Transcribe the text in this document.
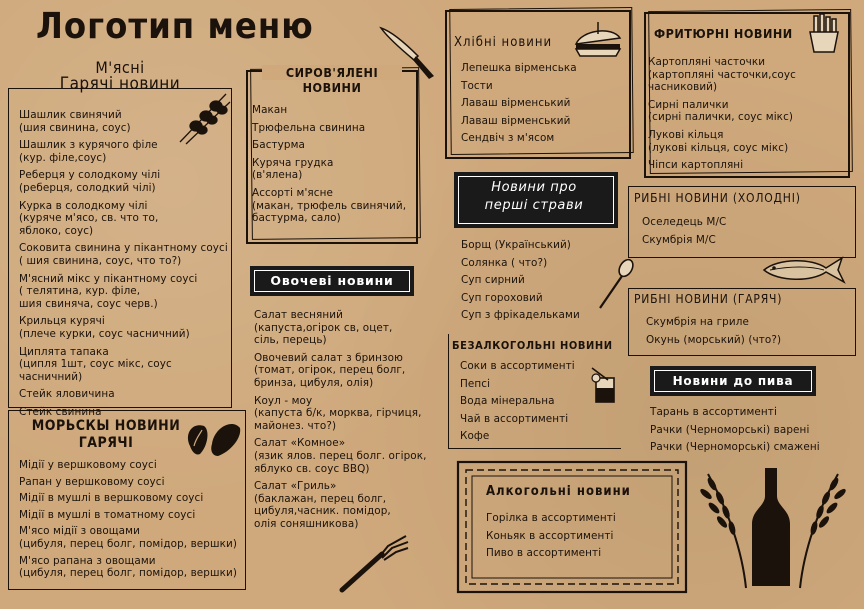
Логотип меню
М'ясні
Гарячі новини
Шашлик свинячий
(шия свинина, соус)
Шашлик з курячого філе
(кур. філе,соус)
Реберця у солодкому чілі
(реберця, солодкий чілі)
Курка в солодкому чілі
(куряче м'ясо, св. что то,
яблоко, соус)
Соковита свинина у пікантному соусі
( шия свинина, соус, что то?)
М'ясний мікс у пікантному соусі
( телятина, кур. філе,
шия свиняча, соус черв.)
Крильця курячі
(плече курки, соус часничний)
Циплята тапака
(ципля 1шт, соус мікс, соус часничний)
Стейк яловичина
Стейк свинина
МОРЬСКЫ НОВИНИ
ГАРЯЧІ
Мідії у вершковому соусі
Рапан у вершковому соусі
Мідії в мушлі в вершковому соусі
Мідії в мушлі в томатному соусі
М'ясо мідії з овощами
(цибуля, перец болг, помідор, вершки)
М'ясо рапана з овощами
(цибуля, перец болг, помідор, вершки)
СИРОВ'ЯЛЕНІ
НОВИНИ
Макан
Трюфельна свинина
Бастурма
Куряча грудка
(в'ялена)
Ассорті м'ясне
(макан, трюфель свинячий,
бастурма, сало)
Овочеві новини
Салат весняний
(капуста,огірок св, оцет,
сіль, перець)
Овочевий салат з бринзою
(томат, огірок, перец болг,
бринза, цибуля, олія)
Коул - моу
(капуста б/к, морква, гірчиця,
майонез. что?)
Салат «Комное»
(язик ялов. перец болг. огірок,
яблуко св. соус BBQ)
Салат «Гриль»
(баклажан, перец болг,
цибуля,часник. помідор,
олія соняшникова)
Хлібні новини
Лепешка вірменська
Тости
Лаваш вірменський
Лаваш вірменський
Сендвіч з м'ясом
ФРИТЮРНІ НОВИНИ
Картопляні часточки
(картопляні часточки,соус часниковий)
Сирні палички
(сирні палички, соус мікс)
Лукові кільця
(лукові кільця, соус мікс)
Чіпси картопляні
Новини про
перші страви
Борщ (Український)
Солянка ( что?)
Суп сирний
Суп гороховий
Суп з фрікадельками
РИБНІ НОВИНИ (ХОЛОДНІ)
Оселедець М/С
Скумбрія М/С
РИБНІ НОВИНИ (ГАРЯЧ)
Скумбрія на гриле
Окунь (морський) (что?)
БЕЗАЛКОГОЛЬНІ НОВИНИ
Соки в ассортименті
Пепсі
Вода мінеральна
Чай в ассортименті
Кофе
Новини до пива
Тарань в ассортименті
Рачки (Черноморські) варені
Рачки (Черноморські) смажені
Алкогольні новини
Горілка в ассортименті
Коньяк в ассортименті
Пиво в ассортименті
